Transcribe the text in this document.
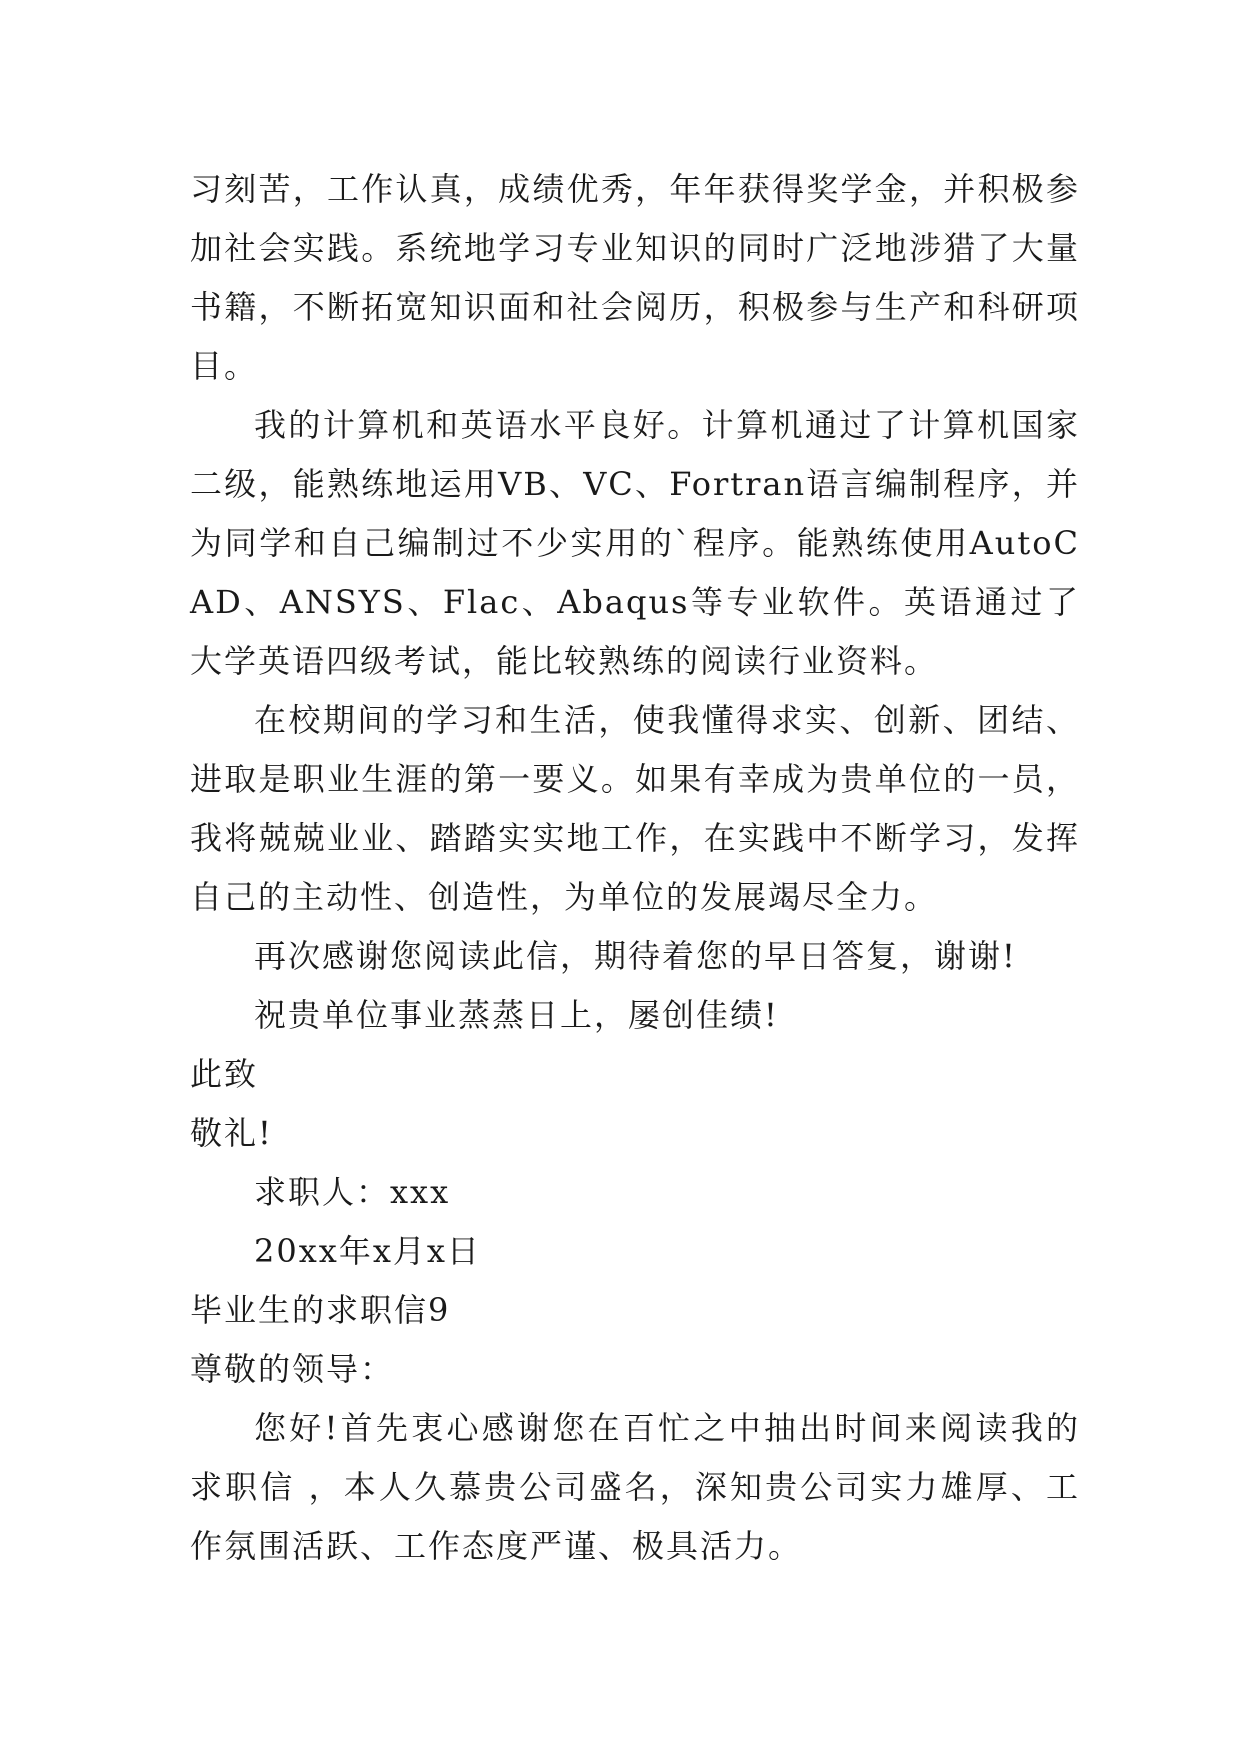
习刻苦，工作认真，成绩优秀，年年获得奖学金，并积极参加社会实践。系统地学习专业知识的同时广泛地涉猎了大量书籍，不断拓宽知识面和社会阅历，积极参与生产和科研项目。

我的计算机和英语水平良好。计算机通过了计算机国家二级，能熟练地运用VB、VC、Fortran语言编制程序，并为同学和自己编制过不少实用的`程序。能熟练使用AutoCAD、ANSYS、Flac、Abaqus等专业软件。英语通过了大学英语四级考试，能比较熟练的阅读行业资料。

在校期间的学习和生活，使我懂得求实、创新、团结、进取是职业生涯的第一要义。如果有幸成为贵单位的一员，我将兢兢业业、踏踏实实地工作，在实践中不断学习，发挥自己的主动性、创造性，为单位的发展竭尽全力。

再次感谢您阅读此信，期待着您的早日答复，谢谢!

祝贵单位事业蒸蒸日上，屡创佳绩!

此致

敬礼!

求职人：xxx

20xx年x月x日

毕业生的求职信9

尊敬的领导：

您好!首先衷心感谢您在百忙之中抽出时间来阅读我的求职信 ，本人久慕贵公司盛名，深知贵公司实力雄厚、工作氛围活跃、工作态度严谨、极具活力。
